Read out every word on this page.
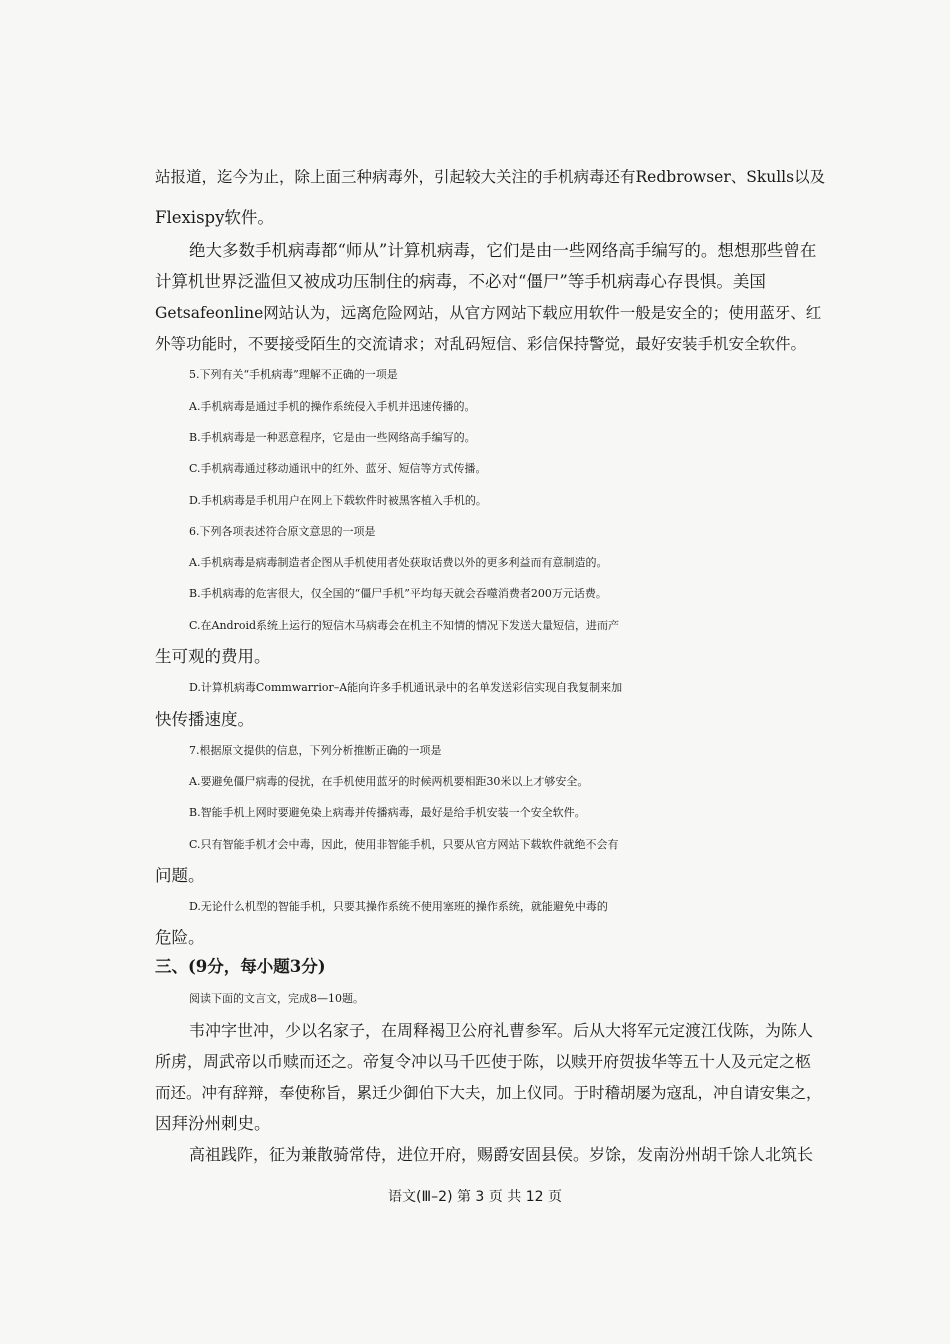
站报道，迄今为止，除上面三种病毒外，引起较大关注的手机病毒还有Redbrowser、Skulls以及

Flexispy软件。

绝大多数手机病毒都“师从”计算机病毒，它们是由一些网络高手编写的。想想那些曾在

计算机世界泛滥但又被成功压制住的病毒，不必对“僵尸”等手机病毒心存畏惧。美国

Getsafeonline网站认为，远离危险网站，从官方网站下载应用软件一般是安全的；使用蓝牙、红

外等功能时，不要接受陌生的交流请求；对乱码短信、彩信保持警觉，最好安装手机安全软件。

5.下列有关“手机病毒”理解不正确的一项是

A.手机病毒是通过手机的操作系统侵入手机并迅速传播的。

B.手机病毒是一种恶意程序，它是由一些网络高手编写的。

C.手机病毒通过移动通讯中的红外、蓝牙、短信等方式传播。

D.手机病毒是手机用户在网上下载软件时被黑客植入手机的。

6.下列各项表述符合原文意思的一项是

A.手机病毒是病毒制造者企图从手机使用者处获取话费以外的更多利益而有意制造的。

B.手机病毒的危害很大，仅全国的“僵尸手机”平均每天就会吞噬消费者200万元话费。

C.在Android系统上运行的短信木马病毒会在机主不知情的情况下发送大量短信，进而产

生可观的费用。

D.计算机病毒Commwarrior–A能向许多手机通讯录中的名单发送彩信实现自我复制来加

快传播速度。

7.根据原文提供的信息，下列分析推断正确的一项是

A.要避免僵尸病毒的侵扰，在手机使用蓝牙的时候两机要相距30米以上才够安全。

B.智能手机上网时要避免染上病毒并传播病毒，最好是给手机安装一个安全软件。

C.只有智能手机才会中毒，因此，使用非智能手机，只要从官方网站下载软件就绝不会有

问题。

D.无论什么机型的智能手机，只要其操作系统不使用塞班的操作系统，就能避免中毒的

危险。

三、(9分，每小题3分)

阅读下面的文言文，完成8—10题。

韦冲字世冲，少以名家子，在周释褐卫公府礼曹参军。后从大将军元定渡江伐陈，为陈人

所虏，周武帝以币赎而还之。帝复令冲以马千匹使于陈，以赎开府贺拔华等五十人及元定之柩

而还。冲有辞辩，奉使称旨，累迁少御伯下大夫，加上仪同。于时稽胡屡为寇乱，冲自请安集之，

因拜汾州刺史。

高祖践阼，征为兼散骑常侍，进位开府，赐爵安固县侯。岁馀，发南汾州胡千馀人北筑长

语文(Ⅲ–2) 第 3 页 共 12 页
